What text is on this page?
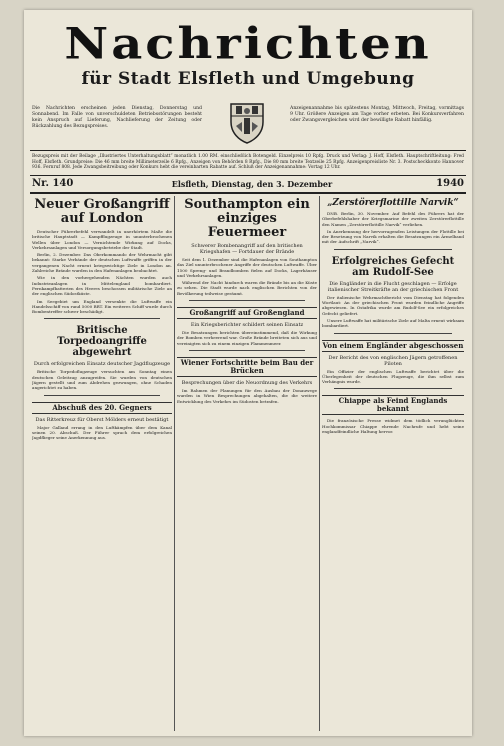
Nachrichten
für Stadt Elsfleth und Umgebung
Die Nachrichten erscheinen jeden Dienstag, Donnerstag und Sonnabend. Im Falle von unverschuldeten Betriebsstörungen besteht kein Anspruch auf Lieferung, Nachlieferung der Zeitung oder Rückzahlung des Bezugspreises.
Anzeigenannahme bis spätestens Montag, Mittwoch, Freitag, vormittags 9 Uhr. Größere Anzeigen am Tage vorher erbeten. Bei Konkursverfahren oder Zwangsvergleichen wird der bewilligte Rabatt hinfällig.
Bezugspreis mit der Beilage „Illustriertes Unterhaltungsblatt“ monatlich 1.00 RM. einschließlich Botengeld. Einzelpreis 10 Rpfg. Druck und Verlag: J. Hoff, Elsfleth. Hauptschriftleitung: Fred Hoff, Elsfleth. Grundpreise: Die 46 mm breite Millimeterzeile 6 Rpfg., Anzeigen von Behörden 8 Rpfg., Die 80 mm breite Textzeile 25 Rpfg. Anzeigenpreisliste Nr. 3. Postscheckkonto Hannover 936. Fernruf 808. Jede Zwangsbeitreibung oder Konkurs hebt die vereinbarten Rabatte auf. Schluß der Anzeigenannahme: Vortag 12 Uhr.
Nr. 140	Elsfleth, Dienstag, den 3. Dezember	1940
Neuer Großangriff auf London

Deutscher Führerbefehl verwandelt in unerhörtem Maße die britische Hauptstadt — Kampfflugzeuge in ununterbrochenen Wellen über London — Vernichtende Wirkung auf Docks, Verkehrsanlagen und Versorgungsbetriebe der Stadt.

Berlin, 2. Dezember. Das Oberkommando der Wehrmacht gibt bekannt: Starke Verbände der deutschen Luftwaffe griffen in der vergangenen Nacht erneut kriegswichtige Ziele in London an. Zahlreiche Brände wurden in den Hafenanlagen beobachtet.

Wie in den vorhergehenden Nächten wurden auch Industrieanlagen in Mittelengland bombardiert. Fernkampfbatterien des Heeres beschossen militärische Ziele an der englischen Südostküste.

Im Seegebiet um England versenkte die Luftwaffe ein Handelsschiff von rund 5000 BRT. Ein weiteres Schiff wurde durch Bombentreffer schwer beschädigt.

Britische Torpedoangriffe abgewehrt
Durch erfolgreichen Einsatz deutscher Jagdflugzeuge

Britische Torpedoflugzeuge versuchten am Sonntag einen deutschen Geleitzug anzugreifen. Sie wurden von deutschen Jägern gestellt und zum Abdrehen gezwungen, ohne Schaden angerichtet zu haben.

Abschuß des 20. Gegners
Das Ritterkreuz für Oberst Mölders erneut bestätigt

Major Galland errang in den Luftkämpfen über dem Kanal seinen 20. Abschuß. Der Führer sprach dem erfolgreichen Jagdflieger seine Anerkennung aus.

Southampton ein einziges Feuermeer
Schwerer Bombenangriff auf den britischen Kriegshafen — Fortdauer der Brände

Seit dem 1. Dezember sind die Hafenanlagen von Southampton das Ziel ununterbrochener Angriffe der deutschen Luftwaffe. Über 1500 Spreng- und Brandbomben fielen auf Docks, Lagerhäuser und Verkehrsanlagen.

Während der Nacht hindurch waren die Brände bis an die Küste zu sehen. Die Stadt wurde nach englischen Berichten von der Bevölkerung teilweise geräumt.

Großangriff auf Großengland
Ein Kriegsberichter schildert seinen Einsatz

Die Besatzungen berichten übereinstimmend, daß die Wirkung der Bomben verheerend war. Große Brände breiteten sich aus und vereinigten sich zu einem einzigen Flammenmeer.

Wiener Fortschritte beim Bau der Brücken
Besprechungen über die Neuordnung des Verkehrs

Im Rahmen der Planungen für den Ausbau der Donauwege wurden in Wien Besprechungen abgehalten, die die weitere Entwicklung des Verkehrs im Südosten betrafen.

„Zerstörerflottille Narvik“

DNB. Berlin, 30. November. Auf Befehl des Führers hat der Oberbefehlshaber der Kriegsmarine der zweiten Zerstörerflottille den Namen „Zerstörerflottille Narvik“ verliehen.

In Anerkennung der hervorragenden Leistungen der Flottille bei der Besetzung von Narvik erhalten die Besatzungen ein Ärmelband mit der Aufschrift „Narvik“.

Erfolgreiches Gefecht am Rudolf-See
Die Engländer in die Flucht geschlagen — Erfolge italienischer Streitkräfte an der griechischen Front

Der italienische Wehrmachtbericht vom Dienstag hat folgenden Wortlaut: An der griechischen Front wurden feindliche Angriffe abgewiesen. In Ostafrika wurde am Rudolf-See ein erfolgreiches Gefecht geliefert.

Unsere Luftwaffe hat militärische Ziele auf Malta erneut wirksam bombardiert.

Von einem Engländer abgeschossen
Der Bericht des von englischen Jägern getroffenen Piloten

Ein Offizier der englischen Luftwaffe berichtet über die Überlegenheit der deutschen Flugzeuge, die ihm selbst zum Verhängnis wurde.

Chiappe als Feind Englands bekannt

Die französische Presse widmet dem tödlich verunglückten Hochkommissar Chiappe ehrende Nachrufe und hebt seine englandfeindliche Haltung hervor.
